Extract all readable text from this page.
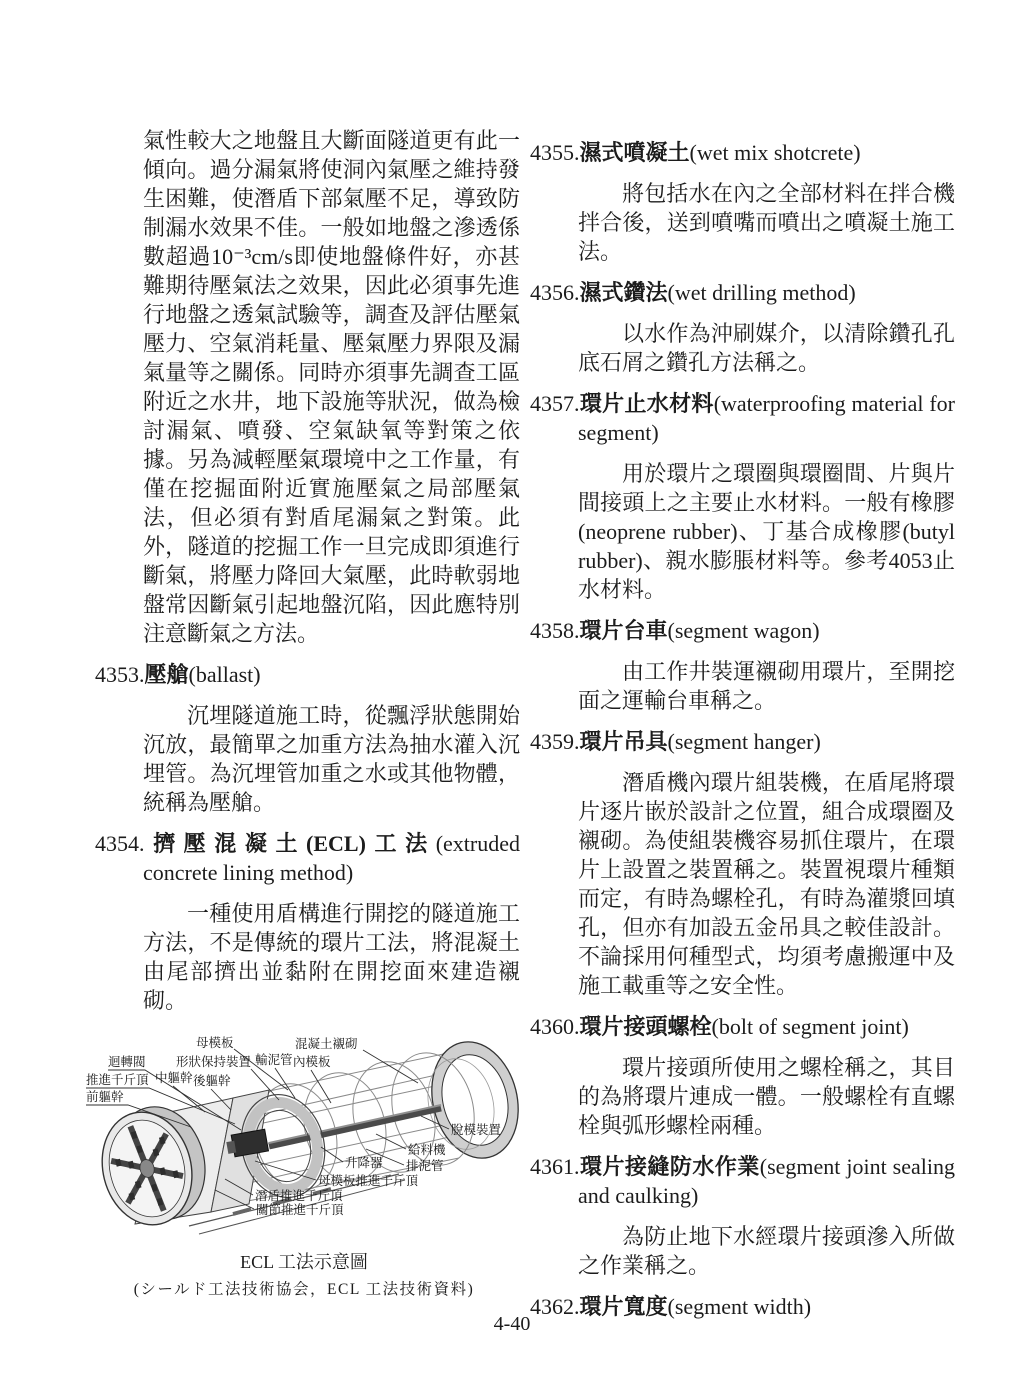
氣性較大之地盤且大斷面隧道更有此一傾向。過分漏氣將使洞內氣壓之維持發生困難，使潛盾下部氣壓不足，導致防制漏水效果不佳。一般如地盤之滲透係數超過10⁻³cm/s即使地盤條件好，亦甚難期待壓氣法之效果，因此必須事先進行地盤之透氣試驗等，調查及評估壓氣壓力、空氣消耗量、壓氣壓力界限及漏氣量等之關係。同時亦須事先調查工區附近之水井，地下設施等狀況，做為檢討漏氣、噴發、空氣缺氧等對策之依據。另為減輕壓氣環境中之工作量，有僅在挖掘面附近實施壓氣之局部壓氣法，但必須有對盾尾漏氣之對策。此外，隧道的挖掘工作一旦完成即須進行斷氣，將壓力降回大氣壓，此時軟弱地盤常因斷氣引起地盤沉陷，因此應特別注意斷氣之方法。

4353.壓艙(ballast)
沉埋隧道施工時，從飄浮狀態開始沉放，最簡單之加重方法為抽水灌入沉埋管。為沉埋管加重之水或其他物體，統稱為壓艙。
4354.擠壓混凝土(ECL)工法(extruded concrete lining method)
一種使用盾構進行開挖的隧道施工方法，不是傳統的環片工法，將混凝土由尾部擠出並黏附在開挖面來建造襯砌。
母模板	混凝土襯砌
迴轉閥 形狀保持裝置 輸泥管 內模板
推進千斤頂 中軀幹 後軀幹
前軀幹
脫模裝置
給料機
排泥管
升降器
母模板推進千斤頂
潛盾推進千斤頂
關節推進千斤頂
ECL 工法示意圖
(シールド工法技術協会，ECL 工法技術資料)
4355.濕式噴凝土(wet mix shotcrete)
將包括水在內之全部材料在拌合機拌合後，送到噴嘴而噴出之噴凝土施工法。
4356.濕式鑽法(wet drilling method)
以水作為沖刷媒介，以清除鑽孔孔底石屑之鑽孔方法稱之。
4357.環片止水材料(waterproofing material for segment)
用於環片之環圈與環圈間、片與片間接頭上之主要止水材料。一般有橡膠(neoprene rubber)、丁基合成橡膠(butyl rubber)、親水膨脹材料等。參考4053止水材料。
4358.環片台車(segment wagon)
由工作井裝運襯砌用環片，至開挖面之運輸台車稱之。
4359.環片吊具(segment hanger)
潛盾機內環片組裝機，在盾尾將環片逐片嵌於設計之位置，組合成環圈及襯砌。為使組裝機容易抓住環片，在環片上設置之裝置稱之。裝置視環片種類而定，有時為螺栓孔，有時為灌漿回填孔，但亦有加設五金吊具之較佳設計。不論採用何種型式，均須考慮搬運中及施工載重等之安全性。
4360.環片接頭螺栓(bolt of segment joint)
環片接頭所使用之螺栓稱之，其目的為將環片連成一體。一般螺栓有直螺栓與弧形螺栓兩種。
4361.環片接縫防水作業(segment joint sealing and caulking)
為防止地下水經環片接頭滲入所做之作業稱之。
4362.環片寬度(segment width)
4-40
